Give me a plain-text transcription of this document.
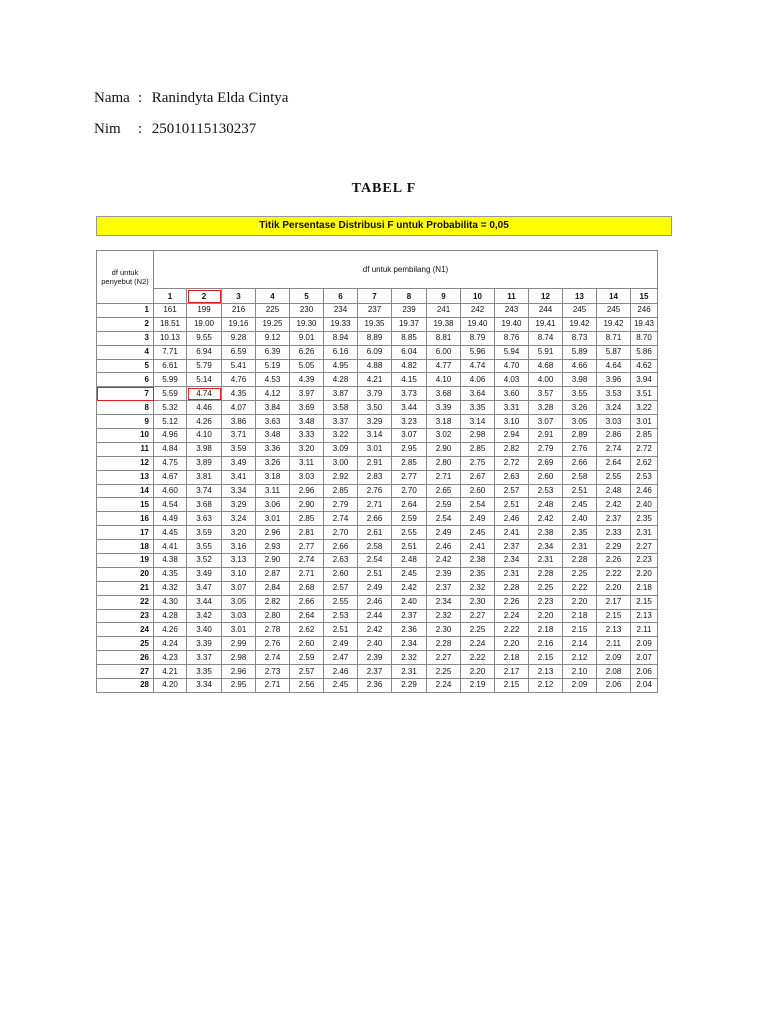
Nama : Ranindyta Elda Cintya
Nim : 25010115130237
TABEL F
Titik Persentase Distribusi F untuk Probabilita = 0,05
df untuk penyebut (N2)	df untuk pembilang (N1)														
	1	2	3	4	5	6	7	8	9	10	11	12	13	14	15
1	161	199	216	225	230	234	237	239	241	242	243	244	245	245	246
2	18.51	19.00	19.16	19.25	19.30	19.33	19.35	19.37	19.38	19.40	19.40	19.41	19.42	19.42	19.43
3	10.13	9.55	9.28	9.12	9.01	8.94	8.89	8.85	8.81	8.79	8.76	8.74	8.73	8.71	8.70
4	7.71	6.94	6.59	6.39	6.26	6.16	6.09	6.04	6.00	5.96	5.94	5.91	5.89	5.87	5.86
5	6.61	5.79	5.41	5.19	5.05	4.95	4.88	4.82	4.77	4.74	4.70	4.68	4.66	4.64	4.62
6	5.99	5.14	4.76	4.53	4.39	4.28	4.21	4.15	4.10	4.06	4.03	4.00	3.98	3.96	3.94
7	5.59	4.74	4.35	4.12	3.97	3.87	3.79	3.73	3.68	3.64	3.60	3.57	3.55	3.53	3.51
8	5.32	4.46	4.07	3.84	3.69	3.58	3.50	3.44	3.39	3.35	3.31	3.28	3.26	3.24	3.22
9	5.12	4.26	3.86	3.63	3.48	3.37	3.29	3.23	3.18	3.14	3.10	3.07	3.05	3.03	3.01
10	4.96	4.10	3.71	3.48	3.33	3.22	3.14	3.07	3.02	2.98	2.94	2.91	2.89	2.86	2.85
11	4.84	3.98	3.59	3.36	3.20	3.09	3.01	2.95	2.90	2.85	2.82	2.79	2.76	2.74	2.72
12	4.75	3.89	3.49	3.26	3.11	3.00	2.91	2.85	2.80	2.75	2.72	2.69	2.66	2.64	2.62
13	4.67	3.81	3.41	3.18	3.03	2.92	2.83	2.77	2.71	2.67	2.63	2.60	2.58	2.55	2.53
14	4.60	3.74	3.34	3.11	2.96	2.85	2.76	2.70	2.65	2.60	2.57	2.53	2.51	2.48	2.46
15	4.54	3.68	3.29	3.06	2.90	2.79	2.71	2.64	2.59	2.54	2.51	2.48	2.45	2.42	2.40
16	4.49	3.63	3.24	3.01	2.85	2.74	2.66	2.59	2.54	2.49	2.46	2.42	2.40	2.37	2.35
17	4.45	3.59	3.20	2.96	2.81	2.70	2.61	2.55	2.49	2.45	2.41	2.38	2.35	2.33	2.31
18	4.41	3.55	3.16	2.93	2.77	2.66	2.58	2.51	2.46	2.41	2.37	2.34	2.31	2.29	2.27
19	4.38	3.52	3.13	2.90	2.74	2.63	2.54	2.48	2.42	2.38	2.34	2.31	2.28	2.26	2.23
20	4.35	3.49	3.10	2.87	2.71	2.60	2.51	2.45	2.39	2.35	2.31	2.28	2.25	2.22	2.20
21	4.32	3.47	3.07	2.84	2.68	2.57	2.49	2.42	2.37	2.32	2.28	2.25	2.22	2.20	2.18
22	4.30	3.44	3.05	2.82	2.66	2.55	2.46	2.40	2.34	2.30	2.26	2.23	2.20	2.17	2.15
23	4.28	3.42	3.03	2.80	2.64	2.53	2.44	2.37	2.32	2.27	2.24	2.20	2.18	2.15	2.13
24	4.26	3.40	3.01	2.78	2.62	2.51	2.42	2.36	2.30	2.25	2.22	2.18	2.15	2.13	2.11
25	4.24	3.39	2.99	2.76	2.60	2.49	2.40	2.34	2.28	2.24	2.20	2.16	2.14	2.11	2.09
26	4.23	3.37	2.98	2.74	2.59	2.47	2.39	2.32	2.27	2.22	2.18	2.15	2.12	2.09	2.07
27	4.21	3.35	2.96	2.73	2.57	2.46	2.37	2.31	2.25	2.20	2.17	2.13	2.10	2.08	2.06
28	4.20	3.34	2.95	2.71	2.56	2.45	2.36	2.29	2.24	2.19	2.15	2.12	2.09	2.06	2.04
